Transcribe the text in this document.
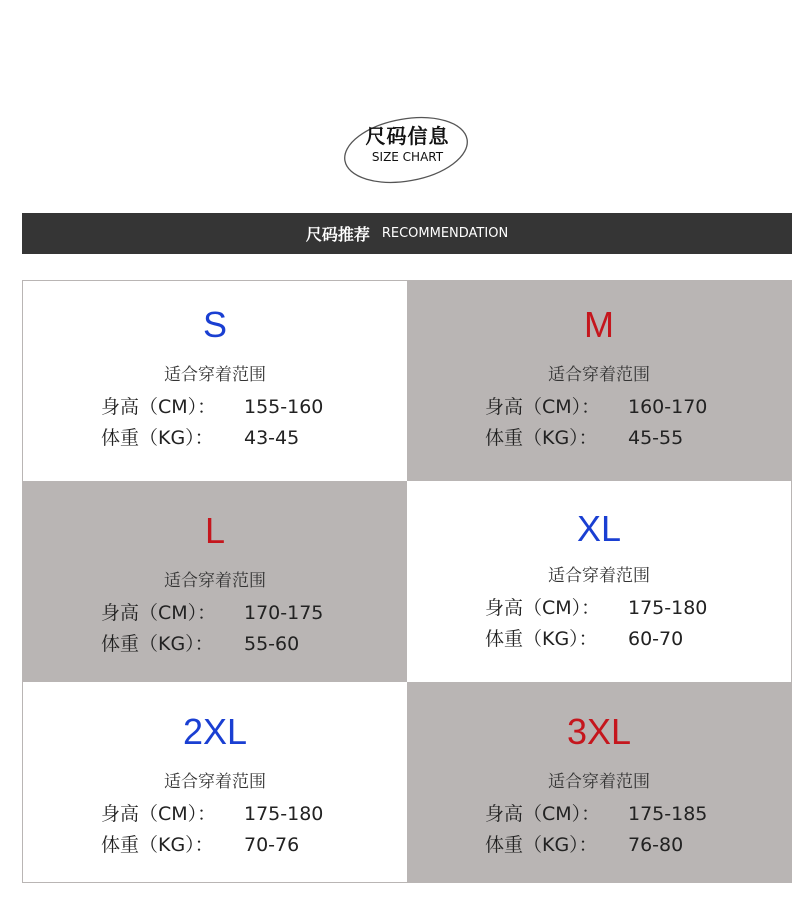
尺码信息
SIZE CHART
尺码推荐 RECOMMENDATION
S
适合穿着范围
身高（CM）： 155-160
体重（KG）： 43-45
M
适合穿着范围
身高（CM）： 160-170
体重（KG）： 45-55
L
适合穿着范围
身高（CM）： 170-175
体重（KG）： 55-60
XL
适合穿着范围
身高（CM）： 175-180
体重（KG）： 60-70
2XL
适合穿着范围
身高（CM）： 175-180
体重（KG）： 70-76
3XL
适合穿着范围
身高（CM）： 175-185
体重（KG）： 76-80
